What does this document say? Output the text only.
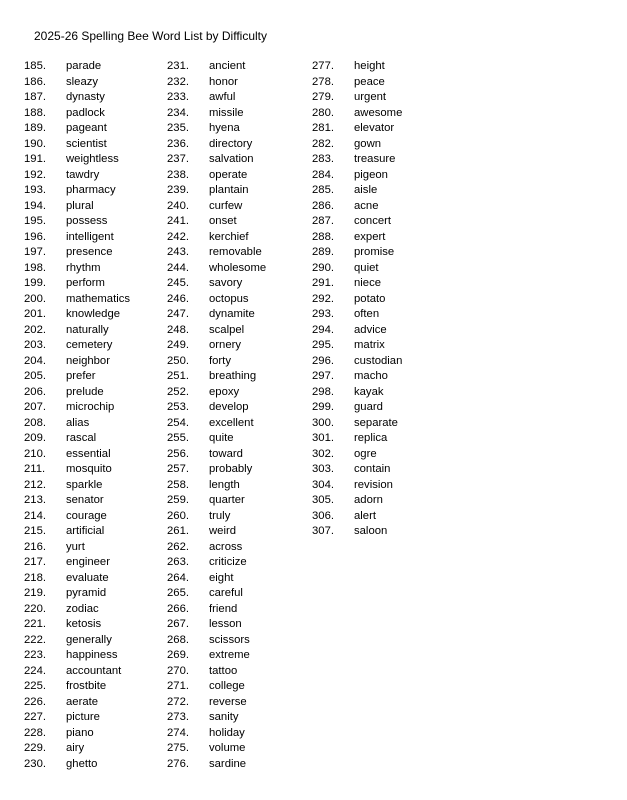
2025-26 Spelling Bee Word List by Difficulty
185.	parade
186.	sleazy
187.	dynasty
188.	padlock
189.	pageant
190.	scientist
191.	weightless
192.	tawdry
193.	pharmacy
194.	plural
195.	possess
196.	intelligent
197.	presence
198.	rhythm
199.	perform
200.	mathematics
201.	knowledge
202.	naturally
203.	cemetery
204.	neighbor
205.	prefer
206.	prelude
207.	microchip
208.	alias
209.	rascal
210.	essential
211.	mosquito
212.	sparkle
213.	senator
214.	courage
215.	artificial
216.	yurt
217.	engineer
218.	evaluate
219.	pyramid
220.	zodiac
221.	ketosis
222.	generally
223.	happiness
224.	accountant
225.	frostbite
226.	aerate
227.	picture
228.	piano
229.	airy
230.	ghetto
231.	ancient
232.	honor
233.	awful
234.	missile
235.	hyena
236.	directory
237.	salvation
238.	operate
239.	plantain
240.	curfew
241.	onset
242.	kerchief
243.	removable
244.	wholesome
245.	savory
246.	octopus
247.	dynamite
248.	scalpel
249.	ornery
250.	forty
251.	breathing
252.	epoxy
253.	develop
254.	excellent
255.	quite
256.	toward
257.	probably
258.	length
259.	quarter
260.	truly
261.	weird
262.	across
263.	criticize
264.	eight
265.	careful
266.	friend
267.	lesson
268.	scissors
269.	extreme
270.	tattoo
271.	college
272.	reverse
273.	sanity
274.	holiday
275.	volume
276.	sardine
277.	height
278.	peace
279.	urgent
280.	awesome
281.	elevator
282.	gown
283.	treasure
284.	pigeon
285.	aisle
286.	acne
287.	concert
288.	expert
289.	promise
290.	quiet
291.	niece
292.	potato
293.	often
294.	advice
295.	matrix
296.	custodian
297.	macho
298.	kayak
299.	guard
300.	separate
301.	replica
302.	ogre
303.	contain
304.	revision
305.	adorn
306.	alert
307.	saloon
